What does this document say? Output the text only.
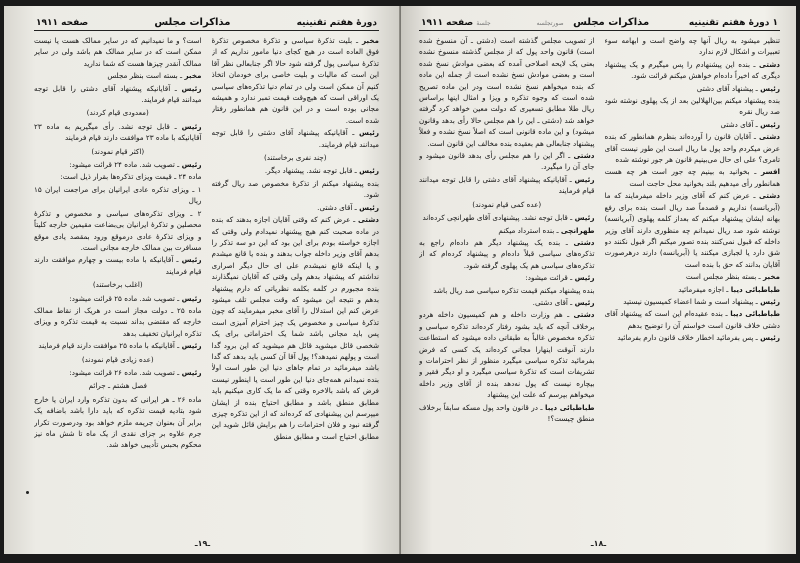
دورهٔ هفتم تقنینیه
مذاکرات مجلس
صفحه ۱۹۱۱

مخبر ـ بلیت تذکرهٔ سیاسی و تذکرهٔ مخصوص تذکرهٔ فوق العاده است در هیچ کجای دنیا مامور نداریم که از تذکرهٔ سیاسی پول گرفته شود حالا اگر جنابعالی نظر آقا این است که مالیات و بلیت خاصی برای خودمان اتخاذ کنیم آن ممکن است ولی در تمام دنیا تذکره‌های سیاسی یک اوراقی است که هیچ‌وقت قیمت تمبر ندارد و همیشه مجانی بوده است و در این قانون هم همانطور رفتار شده است.

رئیس ـ آقایانیکه پیشنهاد آقای دشتی را قابل توجه میدانند قیام فرمایند.

(چند نفری برخاستند)

رئیس ـ قابل توجه نشد. پیشنهاد دیگر.

بنده پیشنهاد میکنم از تذکرهٔ مخصوص صد ریال گرفته شود.

رئیس ـ آقای دشتی.

دشتی ـ عرض کنم که وقتی آقایان اجازه بدهند که بنده در ماده صحبت کنم هیچ پیشنهاد نمیدادم ولی وقتی که اجازه خواسته بودم برای این بود که این دو سه تذکر را بدهم آقای وزیر داخله جواب بدهند و بنده یا قانع میشدم و یا اینکه قانع نمیشدم علی ای حال دیگر اصراری نداشتم که پیشنهاد بدهم ولی وقتی که آقایان نمیگذارند بنده مجبورم در کلمه بکلمه نظریاتی که دارم پیشنهاد بدهم و نتیجه این میشود که وقت مجلس تلف میشود عرض کنم این استدلال را آقای مخبر میفرمایند که چون تذکرهٔ سیاسی و مخصوص یک چیز احترام آمیزی است پس باید مجانی باشد شما یک احتراماتی برای یک شخصی قائل میشوید قائل هم میشوید که این برود گدا است و پولهم نمیدهد؟! پول آقا آن کسی باید بدهد که گدا باشد میفرمائید در تمام جاهای دنیا این طور است اولاً بنده نمیدانم همه‌جای دنیا این طور است یا اینطور نیست فرض که باشد بالاخره وقتی که ما یک کاری میکنیم باید مطابق منطق باشد و مطابق احتیاج بنده از ایشان میپرسم این پیشنهادی که کرده‌اند که از این تذکره چیزی گرفته نبود و فلان احترامات را هم برایش قائل شوید این مطابق احتیاج است و مطابق منطق

است؟ و ما نمیدانیم که در سایر ممالک هست یا نیست ممکن است که در سایر ممالک هم باشد ولی در سایر ممالک آنقدر چیزها هست که شما ندارید

مخبر ـ بسته است بنظر مجلس

رئیس ـ آقایانیکه پیشنهاد آقای دشتی را قابل توجه میدانند قیام فرمایند.

(معدودی قیام کردند)

رئیس ـ قابل توجه نشد. رأی میگیریم به ماده ۲۳ آقایانیکه با ماده ۲۳ موافقت دارند قیام فرمایند

(اکثر قیام نمودند)

رئیس ـ تصویب شد. ماده ۲۴ قرائت میشود:

ماده ۲۴ ـ قیمت ویزای تذکره‌ها بقرار ذیل است:

۱ ـ ویزای تذکره عادی ایرانیان برای مراجعت ایران ۱۵ ریال

۲ ـ ویزای تذکره‌های سیاسی و مخصوص و تذکرهٔ محصلین و تذکرهٔ ایرانیان بی‌بضاعت مقیمین خارجه کلیتاً و ویزای تذکرهٔ عادی درموقع ورود بمقصد یادی موقع مسافرت بین ممالک خارجه مجانی است.

رئیس ـ آقایانیکه با ماده بیست و چهارم موافقت دارند قیام فرمایند

(اغلب برخاستند)

رئیس ـ تصویب شد. ماده ۲۵ قرائت میشود:

ماده ۲۵ ـ دولت مجاز است در هریک از نقاط ممالک خارجه که مقتضی بداند نسبت به قیمت تذکره و ویزای تذکره ایرانیان تخفیف بدهد

رئیس ـ آقایانیکه با ماده ۲۵ موافقت دارند قیام فرمایند

(عده زیادی قیام نمودند)

رئیس ـ تصویب شد. ماده ۲۶ قرائت میشود:

فصل هشتم ـ جرائم

ماده ۲۶ ـ هر ایرانی که بدون تذکره وارد ایران یا خارج شود بتادیه قیمت تذکره که باید دارا باشد باضافه یک برابر آن بعنوان جریمه ملزم خواهد بود ودرصورت تکرار جرم علاوه بر جزای نقدی از یک ماه تا شش ماه نیز محکوم بحبس تأدیبی خواهد شد.

ـ۱۹ـ
۱ دورهٔ هفتم تقنینیه
مذاکرات مجلس صورتجلسه
جلسهٔ صفحه ۱۹۱۱

تنظیر میشود به ریال آنها چه واضح است و ابهامه سوء تعبیرات و اشکال لازم ندارد

دشتی ـ بنده این پیشنهادم را پس میگیرم و یک پیشنهاد دیگری که اخیراً داده‌ام خواهش میکنم قرائت شود.

رئیس ـ پیشنهاد آقای دشتی

بنده پیشنهاد میکنم بین‌الهلالین بعد از یک پهلوی نوشته شود صد ریال نقره

رئیس ـ آقای دشتی

دشتی ـ آقایان قانون را آورده‌اند بنظرم همانطور که بنده عرض میکردم واحد پول ما ریال است این طور نیست آقای تامری؟ علی ای حال می‌بینیم قانون هر جور نوشته شده

افسر ـ بخوانید به بینیم چه جور است هر چه هست همانطور رأی میدهیم بلند بخوانید محل حاجت است

دشتی ـ عرض کنم که آقای وزیر داخله میفرمایند که ما (آبریانسه) نداریم و قصدماً صد ریال است بنده برای رفع بهانه ایشان پیشنهاد میکنم که بعداز کلمه پهلوی (آبریانسه) نوشته شود صد ریال نمیدانم چه منظوری دارند آقای وزیر داخله که قبول نمی‌کنند بنده تصور میکنم اگر قبول نکنند دو شق دارد یا لجبازی میکنند یا (آبریانسه) دارند درهرصورت آقایان بدانند که حق با بنده است

مخبر ـ بسته بنظر مجلس است

طباطبائی دیبا ـ اجازه میفرمائید

رئیس ـ پیشنهاد است و شما اعضاء کمیسیون نیستید

طباطبائی دیبا ـ بنده عقیده‌ام این است که پیشنهاد آقای دشتی خلاف قانون است خواستم آن را توضیح بدهم

رئیس ـ پس بفرمائید اخطار خلاف قانون دارم بفرمائید

از تصویب مجلس گذشته است (دشتی ـ آن منسوخ شده است) قانون واحد پول که از مجلس گذشته منسوخ نشده بعنی یک لایحه اصلاحی آمده که بعضی موادش نسخ شده است و بعضی موادش نسخ نشده است از جمله این ماده که بنده میخواهم نسخ نشده است ودر این ماده تصریح شده است که وجوه تذکره و ویزا و امثال اینها براساس ریال طلا مطابق تسعیری که دولت معین خواهد کرد گرفته خواهد شد (دشتی ـ این را هم مجلس حالا رأی بدهد وقانون میشود) و این ماده قانونی است که اصلاً نسخ نشده و فعلاً پیشنهاد جنابعالی هم بعقیده بنده مخالف این قانون است.

دشتی ـ اگر این را هم مجلس رأی بدهد قانون میشود و جای آن را میگیرد.

رئیس ـ آقایانیکه پیشنهاد آقای دشتی را قابل توجه میدانند قیام فرمایند

(عده کمی قیام نمودند)

رئیس ـ قابل توجه نشد. پیشنهادی آقای طهرانچی کرده‌اند

طهرانچی ـ بنده استرداد میکنم

دشتی ـ بنده یک پیشنهاد دیگر هم داده‌ام راجع به تذکره‌های سیاسی قبلاً داده‌ام و پیشنهاد کرده‌ام که از تذکره‌های سیاسی هم یک پهلوی گرفته شود.

رئیس ـ قرائت میشود:

بنده پیشنهاد میکنم قیمت تذکره سیاسی صد ریال باشد

رئیس ـ آقای دشتی.

دشتی ـ هم وزارت داخله و هم کمیسیون داخله هردو برخلاف آنچه که باید بشود رفتار کرده‌اند تذکره سیاسی و تذکره مخصوص غالباً به طبقاتی داده میشود که استطاعت دارند آنوقت اینهارا مجانی کرده‌اند یک کسی که فرض بفرمائید تذکره سیاسی میگیرد منظور از نظر احترامات و تشریفات است که تذکرهٔ سیاسی میگیرد و او دیگر فقیر و بیچاره نیست که پول نه‌دهد بنده از آقای وزیر داخله میخواهم بپرسم که علت این پیشنهاد

طباطبائی دیبا ـ در قانون واحد پول مسکه سابقاً برخلاف منطق چیست؟!

ـ۱۸ـ
